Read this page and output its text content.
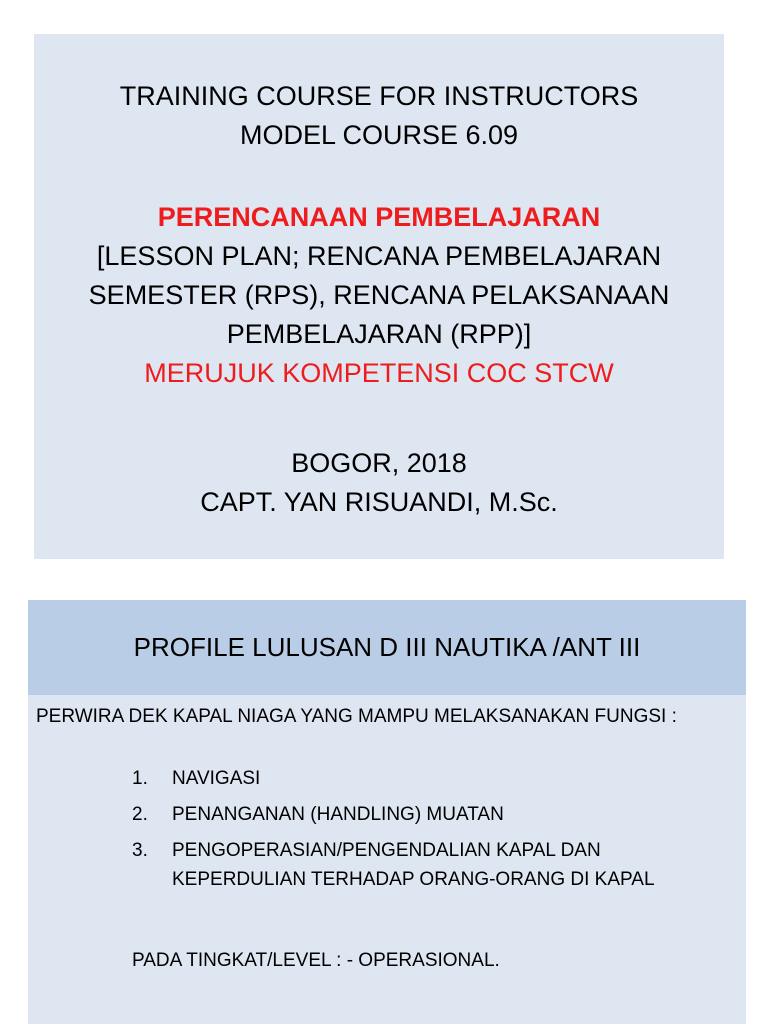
TRAINING COURSE FOR INSTRUCTORS
MODEL COURSE 6.09
PERENCANAAN PEMBELAJARAN
[LESSON PLAN; RENCANA PEMBELAJARAN
SEMESTER (RPS), RENCANA PELAKSANAAN
PEMBELAJARAN (RPP)]
MERUJUK KOMPETENSI COC STCW
BOGOR, 2018
CAPT. YAN RISUANDI, M.Sc.
PROFILE LULUSAN D III NAUTIKA /ANT III
PERWIRA DEK KAPAL NIAGA YANG MAMPU MELAKSANAKAN FUNGSI :
1. NAVIGASI
2. PENANGANAN (HANDLING) MUATAN
3. PENGOPERASIAN/PENGENDALIAN KAPAL DAN KEPERDULIAN TERHADAP ORANG-ORANG DI KAPAL
PADA TINGKAT/LEVEL : - OPERASIONAL.
